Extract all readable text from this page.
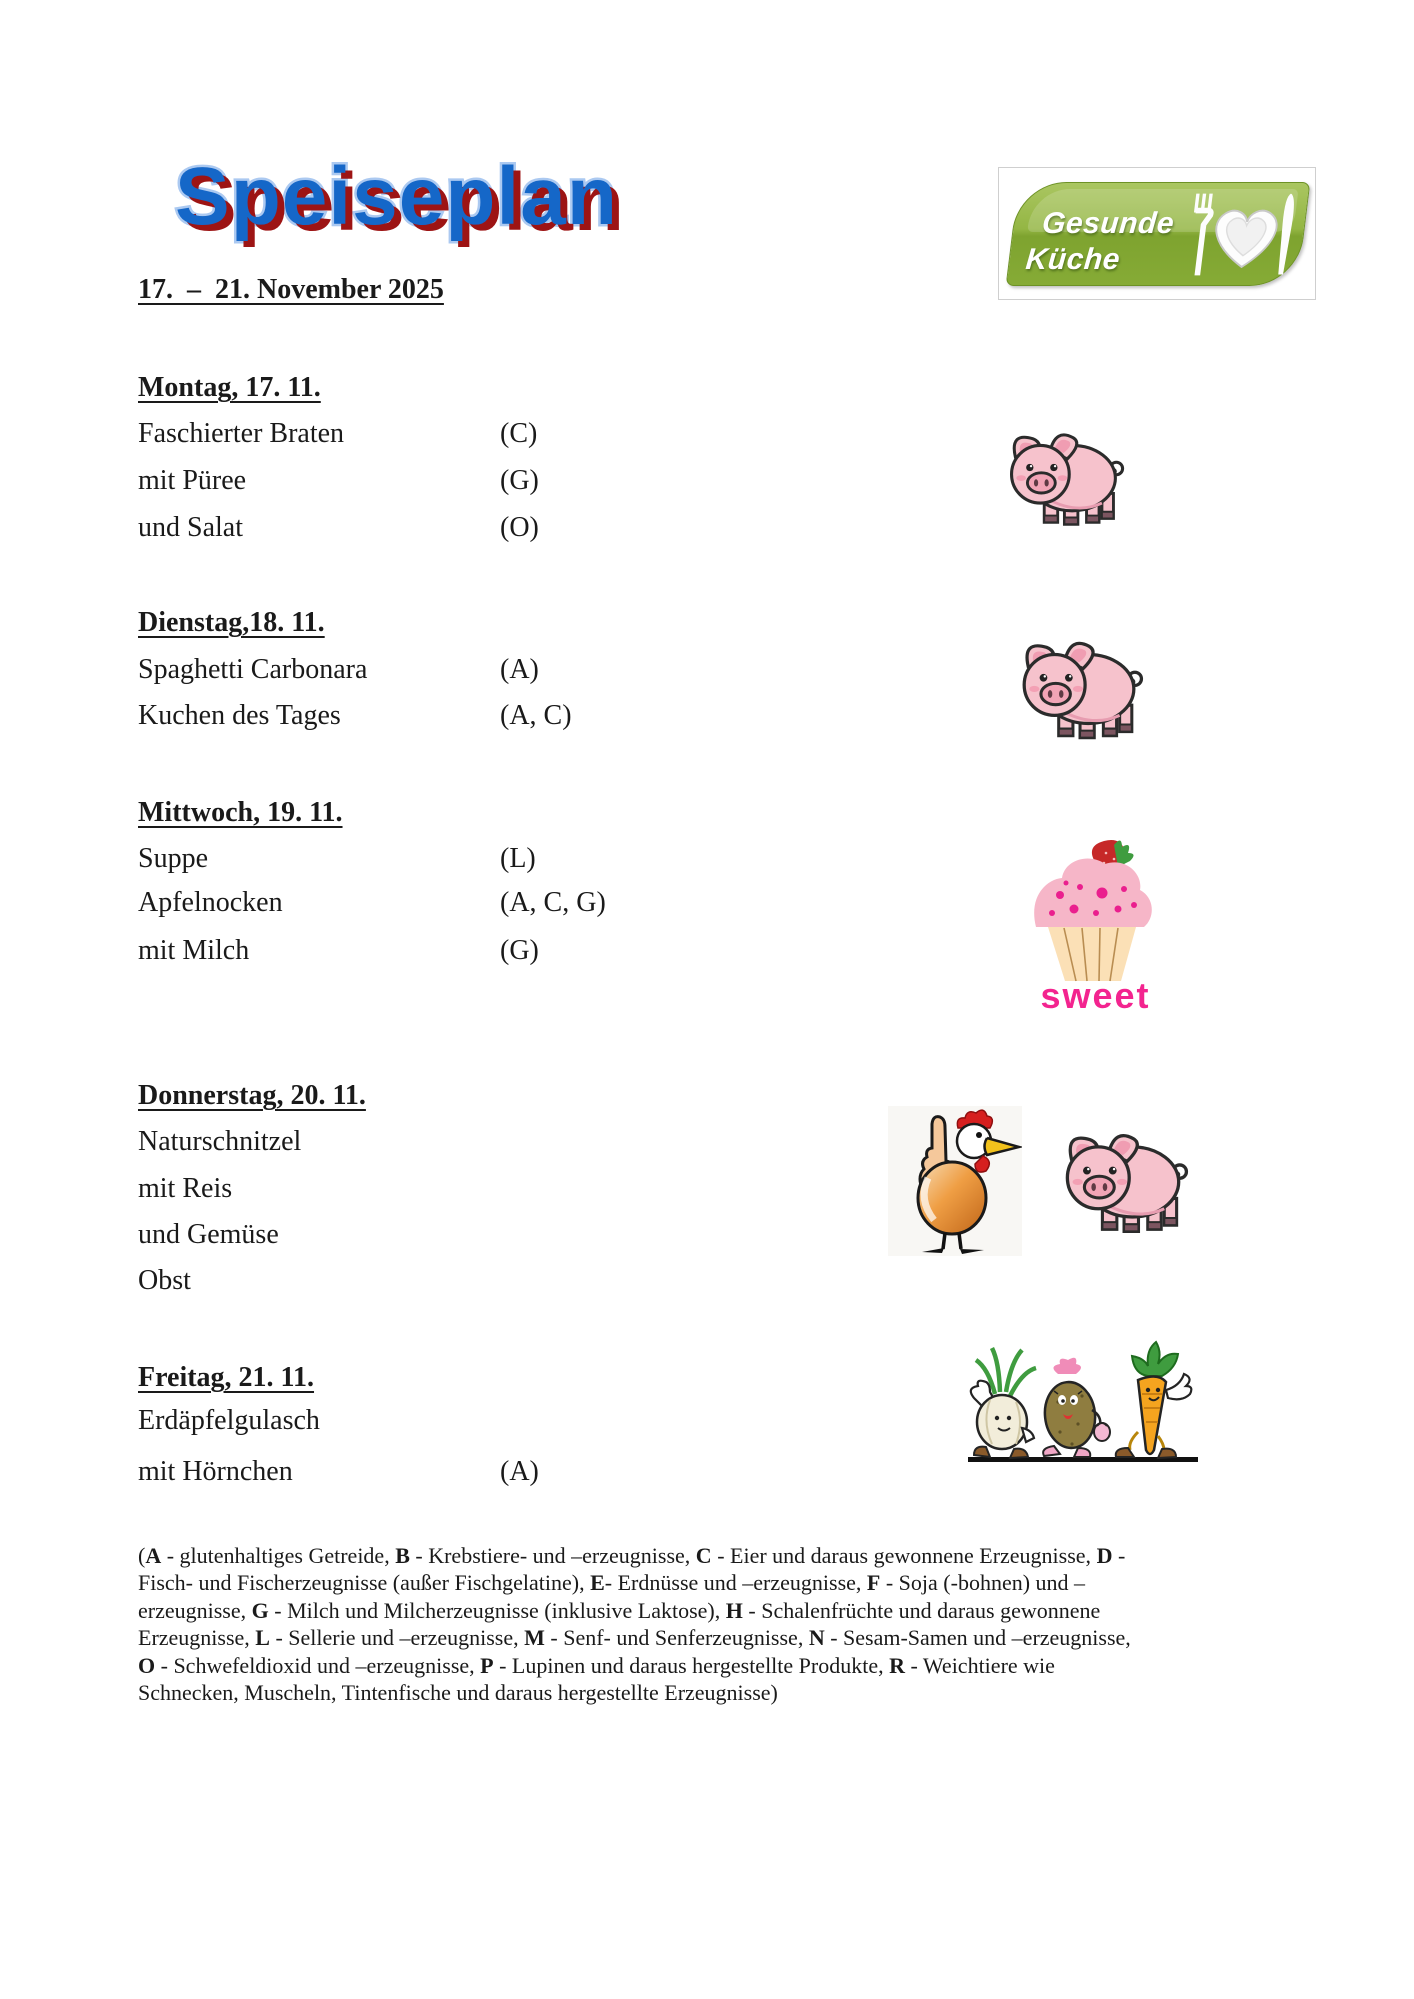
Speiseplan	Gesunde
Küche
17.  –  21. November 2025
Montag, 17. 11.
Faschierter Braten	(C)
mit Püree	(G)
und Salat	(O)
Dienstag,18. 11.
Spaghetti Carbonara	(A)
Kuchen des Tages	(A, C)
Mittwoch, 19. 11.
Suppe	(L)
Apfelnocken	(A, C, G)
mit Milch	(G)
sweet
Donnerstag, 20. 11.
Naturschnitzel
mit Reis
und Gemüse
Obst
Freitag, 21. 11.
Erdäpfelgulasch
mit Hörnchen	(A)
(A - glutenhaltiges Getreide, B - Krebstiere- und –erzeugnisse, C - Eier und daraus gewonnene Erzeugnisse, D -
Fisch- und Fischerzeugnisse (außer Fischgelatine), E- Erdnüsse und –erzeugnisse, F - Soja (-bohnen) und –
erzeugnisse, G - Milch und Milcherzeugnisse (inklusive Laktose), H - Schalenfrüchte und daraus gewonnene
Erzeugnisse, L - Sellerie und –erzeugnisse, M - Senf- und Senferzeugnisse, N - Sesam-Samen und –erzeugnisse,
O - Schwefeldioxid und –erzeugnisse, P - Lupinen und daraus hergestellte Produkte, R - Weichtiere wie
Schnecken, Muscheln, Tintenfische und daraus hergestellte Erzeugnisse)
